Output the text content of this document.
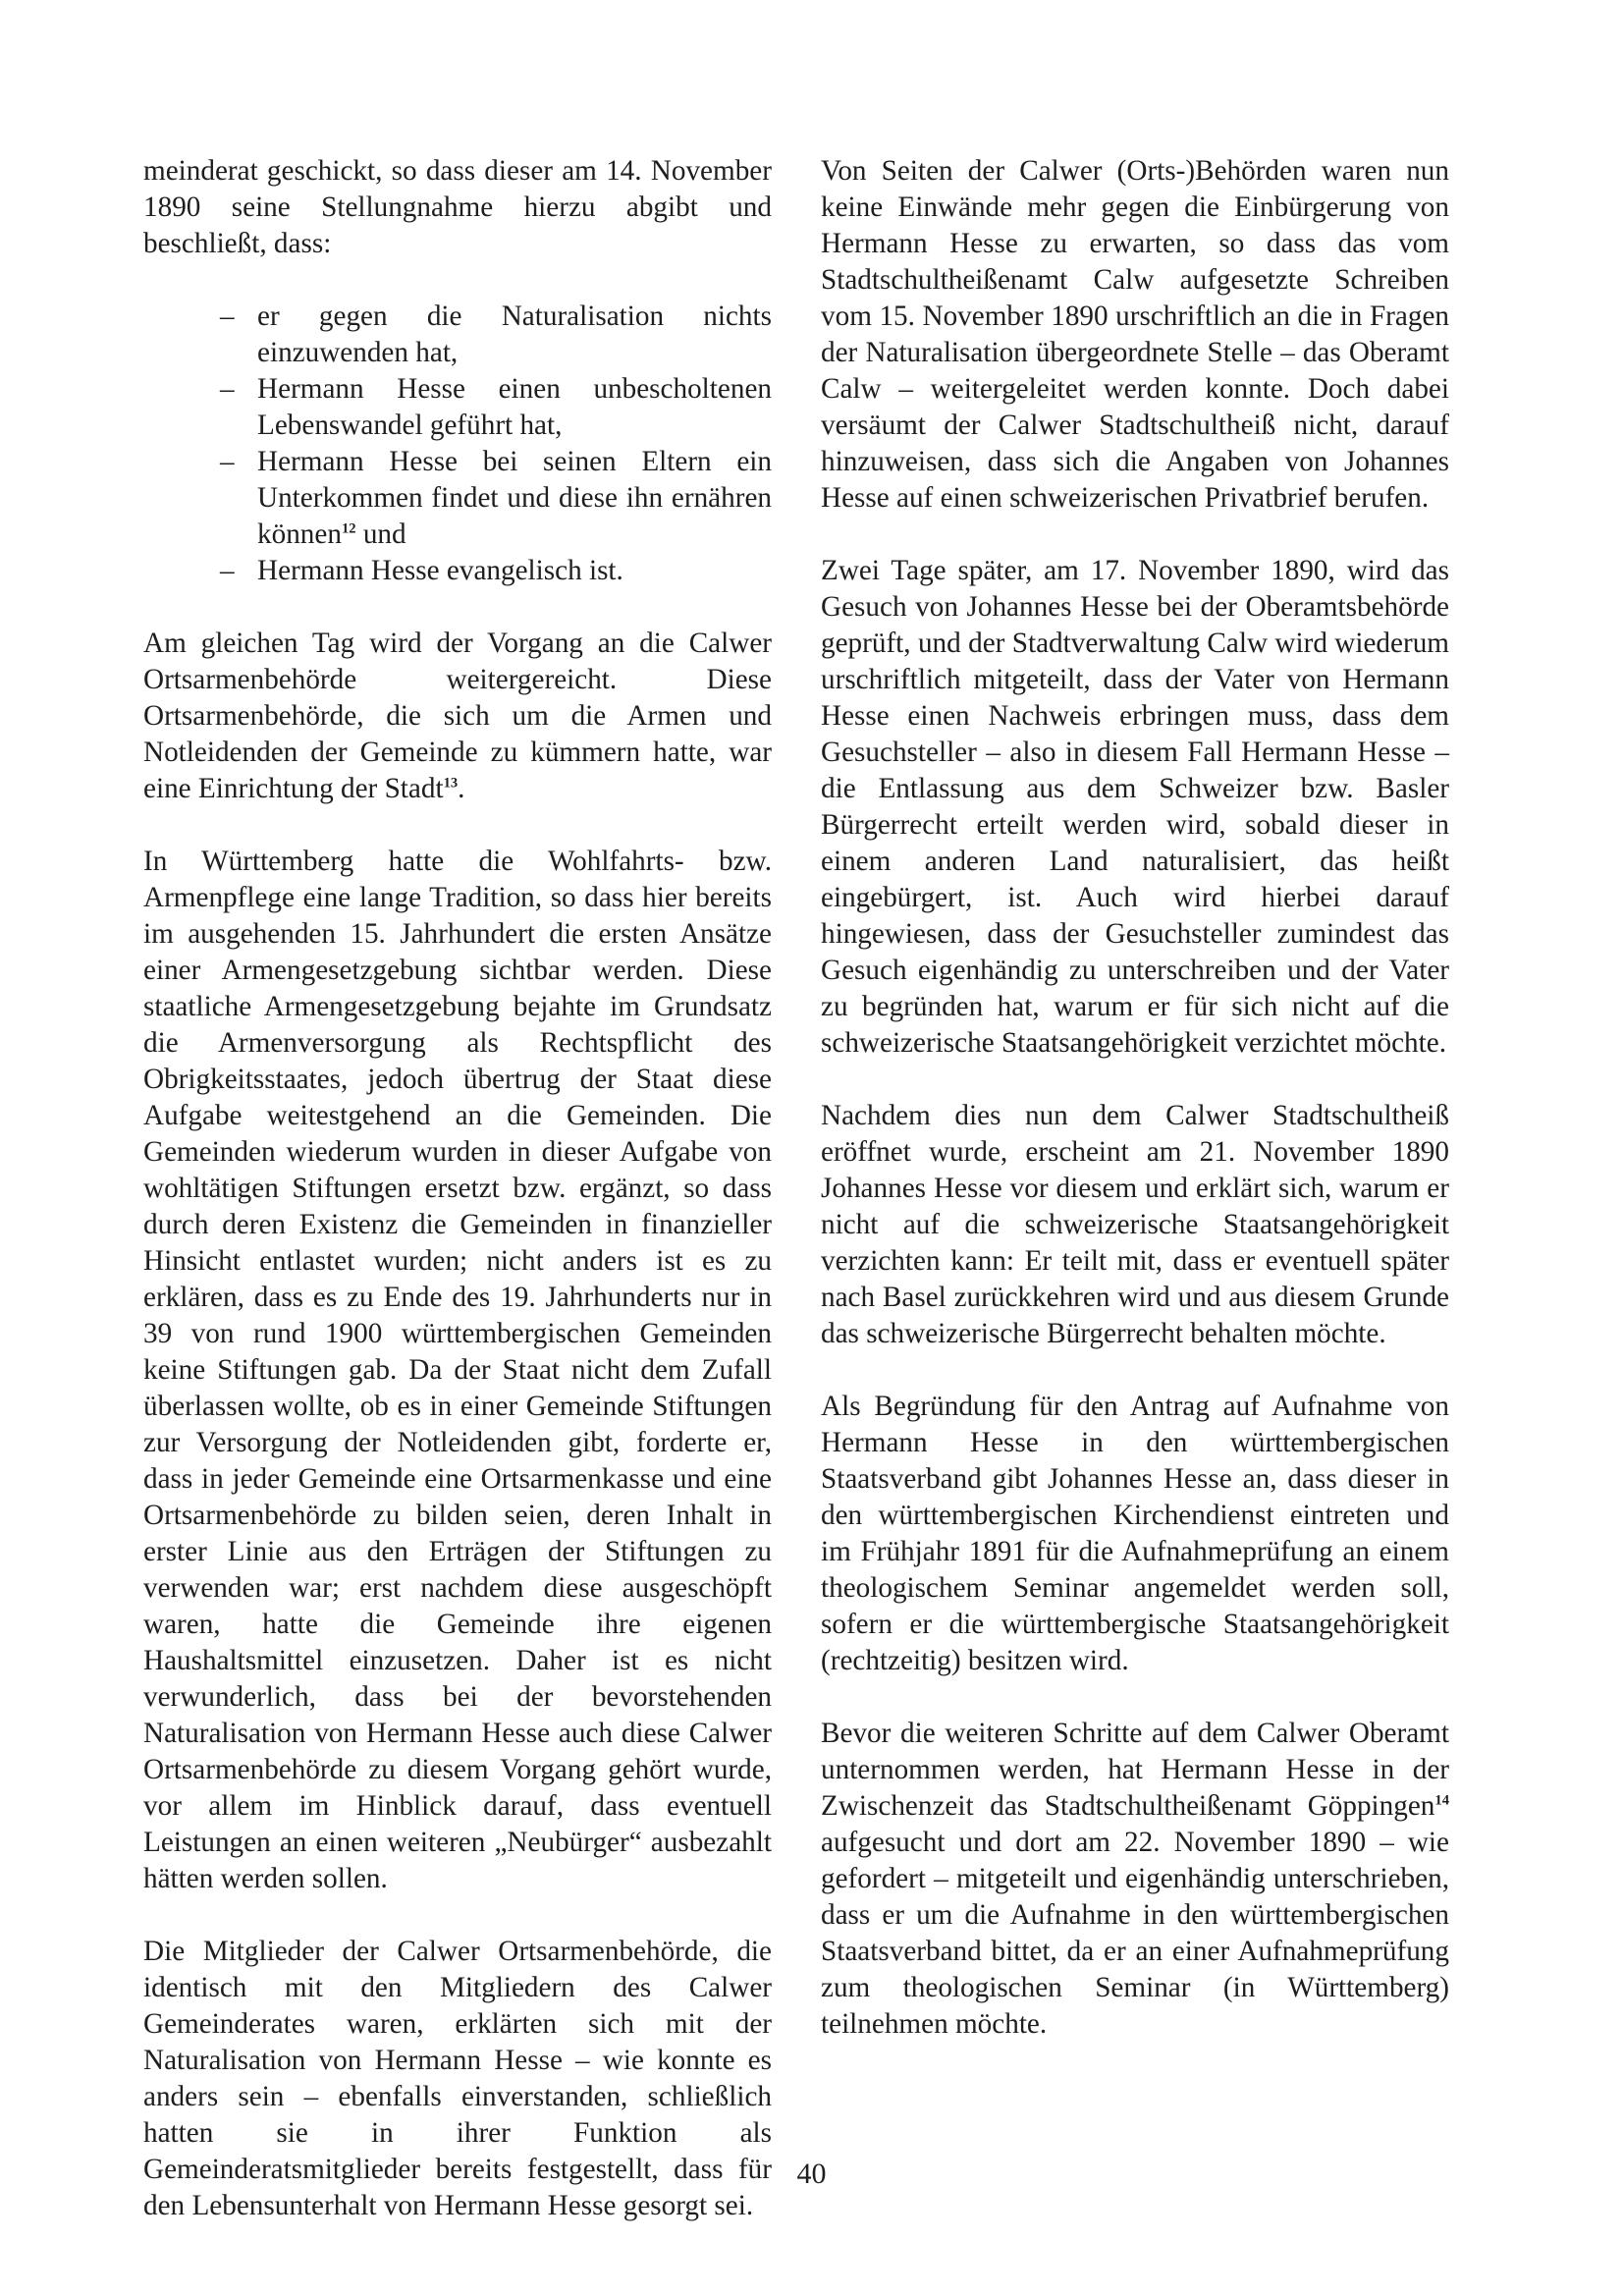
meinderat geschickt, so dass dieser am 14. November 1890 seine Stellungnahme hierzu abgibt und beschließt, dass:

– er gegen die Naturalisation nichts einzuwenden hat,
– Hermann Hesse einen unbescholtenen Lebenswandel geführt hat,
– Hermann Hesse bei seinen Eltern ein Unterkommen findet und diese ihn ernähren können$^{12}$ und
– Hermann Hesse evangelisch ist.

Am gleichen Tag wird der Vorgang an die Calwer Ortsarmenbehörde weitergereicht. Diese Ortsarmenbehörde, die sich um die Armen und Notleidenden der Gemeinde zu kümmern hatte, war eine Einrichtung der Stadt$^{13}$.

In Württemberg hatte die Wohlfahrts- bzw. Armenpflege eine lange Tradition, so dass hier bereits im ausgehenden 15. Jahrhundert die ersten Ansätze einer Armengesetzgebung sichtbar werden. Diese staatliche Armengesetzgebung bejahte im Grundsatz die Armenversorgung als Rechtspflicht des Obrigkeitsstaates, jedoch übertrug der Staat diese Aufgabe weitestgehend an die Gemeinden. Die Gemeinden wiederum wurden in dieser Aufgabe von wohltätigen Stiftungen ersetzt bzw. ergänzt, so dass durch deren Existenz die Gemeinden in finanzieller Hinsicht entlastet wurden; nicht anders ist es zu erklären, dass es zu Ende des 19. Jahrhunderts nur in 39 von rund 1900 württembergischen Gemeinden keine Stiftungen gab. Da der Staat nicht dem Zufall überlassen wollte, ob es in einer Gemeinde Stiftungen zur Versorgung der Notleidenden gibt, forderte er, dass in jeder Gemeinde eine Ortsarmenkasse und eine Ortsarmenbehörde zu bilden seien, deren Inhalt in erster Linie aus den Erträgen der Stiftungen zu verwenden war; erst nachdem diese ausgeschöpft waren, hatte die Gemeinde ihre eigenen Haushaltsmittel einzusetzen. Daher ist es nicht verwunderlich, dass bei der bevorstehenden Naturalisation von Hermann Hesse auch diese Calwer Ortsarmenbehörde zu diesem Vorgang gehört wurde, vor allem im Hinblick darauf, dass eventuell Leistungen an einen weiteren „Neubürger“ ausbezahlt hätten werden sollen.

Die Mitglieder der Calwer Ortsarmenbehörde, die identisch mit den Mitgliedern des Calwer Gemeinderates waren, erklärten sich mit der Naturalisation von Hermann Hesse – wie konnte es anders sein – ebenfalls einverstanden, schließlich hatten sie in ihrer Funktion als Gemeinderatsmitglieder bereits festgestellt, dass für den Lebensunterhalt von Hermann Hesse gesorgt sei.

Von Seiten der Calwer (Orts-)Behörden waren nun keine Einwände mehr gegen die Einbürgerung von Hermann Hesse zu erwarten, so dass das vom Stadtschultheißenamt Calw aufgesetzte Schreiben vom 15. November 1890 urschriftlich an die in Fragen der Naturalisation übergeordnete Stelle – das Oberamt Calw – weitergeleitet werden konnte. Doch dabei versäumt der Calwer Stadtschultheiß nicht, darauf hinzuweisen, dass sich die Angaben von Johannes Hesse auf einen schweizerischen Privatbrief berufen.

Zwei Tage später, am 17. November 1890, wird das Gesuch von Johannes Hesse bei der Oberamtsbehörde geprüft, und der Stadtverwaltung Calw wird wiederum urschriftlich mitgeteilt, dass der Vater von Hermann Hesse einen Nachweis erbringen muss, dass dem Gesuchsteller – also in diesem Fall Hermann Hesse – die Entlassung aus dem Schweizer bzw. Basler Bürgerrecht erteilt werden wird, sobald dieser in einem anderen Land naturalisiert, das heißt eingebürgert, ist. Auch wird hierbei darauf hingewiesen, dass der Gesuchsteller zumindest das Gesuch eigenhändig zu unterschreiben und der Vater zu begründen hat, warum er für sich nicht auf die schweizerische Staatsangehörigkeit verzichtet möchte.

Nachdem dies nun dem Calwer Stadtschultheiß eröffnet wurde, erscheint am 21. November 1890 Johannes Hesse vor diesem und erklärt sich, warum er nicht auf die schweizerische Staatsangehörigkeit verzichten kann: Er teilt mit, dass er eventuell später nach Basel zurückkehren wird und aus diesem Grunde das schweizerische Bürgerrecht behalten möchte.

Als Begründung für den Antrag auf Aufnahme von Hermann Hesse in den württembergischen Staatsverband gibt Johannes Hesse an, dass dieser in den württembergischen Kirchendienst eintreten und im Frühjahr 1891 für die Aufnahmeprüfung an einem theologischem Seminar angemeldet werden soll, sofern er die württembergische Staatsangehörigkeit (rechtzeitig) besitzen wird.

Bevor die weiteren Schritte auf dem Calwer Oberamt unternommen werden, hat Hermann Hesse in der Zwischenzeit das Stadtschultheißenamt Göppingen$^{14}$ aufgesucht und dort am 22. November 1890 – wie gefordert – mitgeteilt und eigenhändig unterschrieben, dass er um die Aufnahme in den württembergischen Staatsverband bittet, da er an einer Aufnahmeprüfung zum theologischen Seminar (in Württemberg) teilnehmen möchte.

40
